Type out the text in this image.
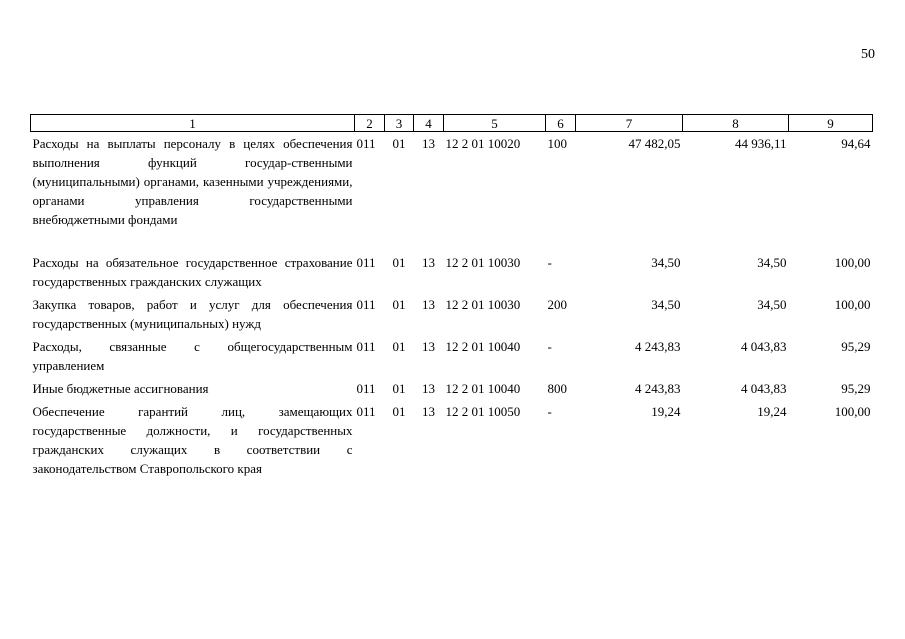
50
1	2	3	4	5	6	7	8	9
Расходы на выплаты персоналу в целях обеспечения выполнения функций государ-ственными (муниципальными) органами, казенными учреждениями, органами управления государственными внебюджетными фондами	011	01	13	12 2 01 10020	100	47 482,05	44 936,11	94,64
Расходы на обязательное государственное страхование государственных гражданских служащих	011	01	13	12 2 01 10030	-	34,50	34,50	100,00
Закупка товаров, работ и услуг для обеспечения государственных (муниципальных) нужд	011	01	13	12 2 01 10030	200	34,50	34,50	100,00
Расходы, связанные с общегосударственным управлением	011	01	13	12 2 01 10040	-	4 243,83	4 043,83	95,29
Иные бюджетные ассигнования	011	01	13	12 2 01 10040	800	4 243,83	4 043,83	95,29
Обеспечение гарантий лиц, замещающих государственные должности, и государственных гражданских служащих в соответствии с законодательством Ставропольского края	011	01	13	12 2 01 10050	-	19,24	19,24	100,00
